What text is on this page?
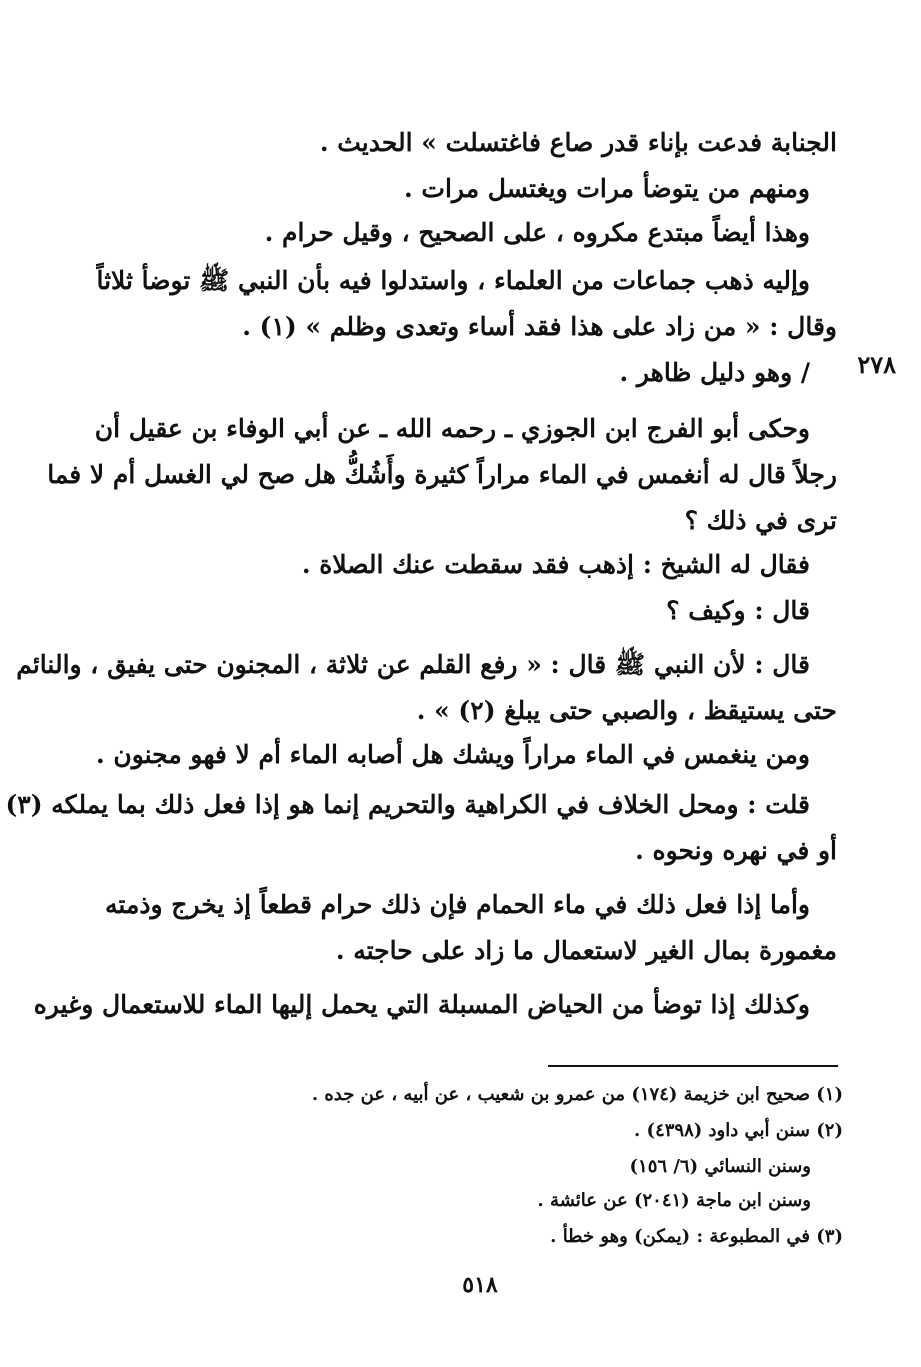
الجنابة فدعت بإناء قدر صاع فاغتسلت » الحديث .
ومنهم من يتوضأ مرات ويغتسل مرات .
وهذا أيضاً مبتدع مكروه ، على الصحيح ، وقيل حرام .
وإليه ذهب جماعات من العلماء ، واستدلوا فيه بأن النبي ﷺ توضأ ثلاثاً
وقال : « من زاد على هذا فقد أساء وتعدى وظلم » (١) .
٢٧٨
/ وهو دليل ظاهر .
وحكى أبو الفرج ابن الجوزي ـ رحمه الله ـ عن أبي الوفاء بن عقيل أن
رجلاً قال له أنغمس في الماء مراراً كثيرة وأَشُكُّ هل صح لي الغسل أم لا فما
ترى في ذلك ؟
فقال له الشيخ : إذهب فقد سقطت عنك الصلاة .
قال : وكيف ؟
قال : لأن النبي ﷺ قال : « رفع القلم عن ثلاثة ، المجنون حتى يفيق ، والنائم
حتى يستيقظ ، والصبي حتى يبلغ (٢) » .
ومن ينغمس في الماء مراراً ويشك هل أصابه الماء أم لا فهو مجنون .
قلت : ومحل الخلاف في الكراهية والتحريم إنما هو إذا فعل ذلك بما يملكه (٣)
أو في نهره ونحوه .
وأما إذا فعل ذلك في ماء الحمام فإن ذلك حرام قطعاً إذ يخرج وذمته
مغمورة بمال الغير لاستعمال ما زاد على حاجته .
وكذلك إذا توضأ من الحياض المسبلة التي يحمل إليها الماء للاستعمال وغيره
(١) صحيح ابن خزيمة (١٧٤) من عمرو بن شعيب ، عن أبيه ، عن جده .
(٢) سنن أبي داود (٤٣٩٨) .
وسنن النسائي (٦/ ١٥٦)
وسنن ابن ماجة (٢٠٤١) عن عائشة .
(٣) في المطبوعة : (يمكن) وهو خطأ .
٥١٨
